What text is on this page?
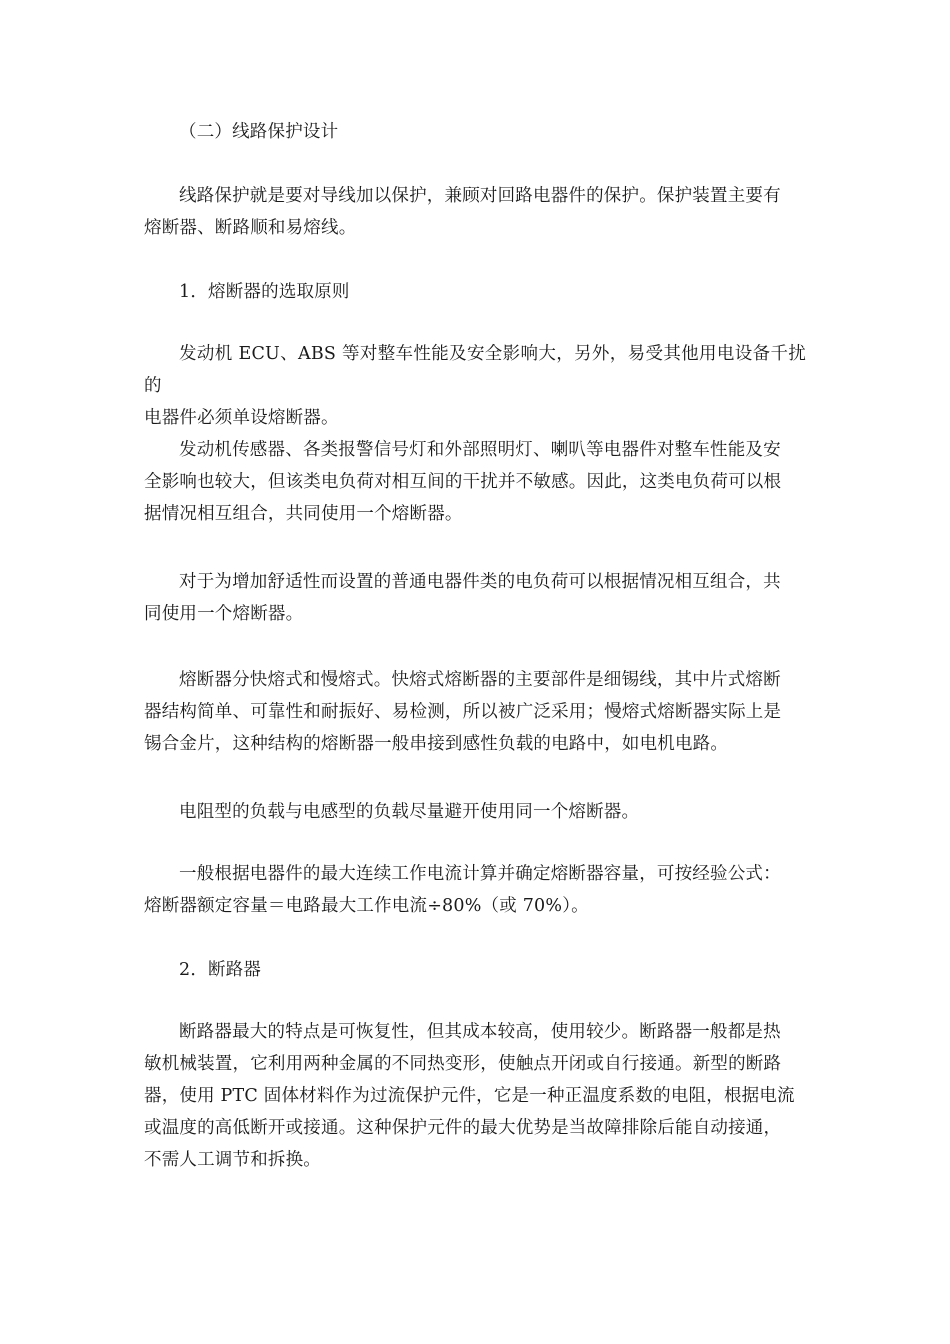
（二）线路保护设计

线路保护就是要对导线加以保护，兼顾对回路电器件的保护。保护装置主要有
熔断器、断路顺和易熔线。

1．熔断器的选取原则

发动机 ECU、ABS 等对整车性能及安全影响大，另外，易受其他用电设备千扰的
电器件必须单设熔断器。

发动机传感器、各类报警信号灯和外部照明灯、喇叭等电器件对整车性能及安
全影响也较大，但该类电负荷对相互间的干扰并不敏感。因此，这类电负荷可以根
据情况相互组合，共同使用一个熔断器。

对于为增加舒适性而设置的普通电器件类的电负荷可以根据情况相互组合，共
同使用一个熔断器。

熔断器分快熔式和慢熔式。快熔式熔断器的主要部件是细锡线，其中片式熔断
器结构简单、可靠性和耐振好、易检测，所以被广泛采用；慢熔式熔断器实际上是
锡合金片，这种结构的熔断器一般串接到感性负载的电路中，如电机电路。

电阻型的负载与电感型的负载尽量避开使用同一个熔断器。

一般根据电器件的最大连续工作电流计算并确定熔断器容量，可按经验公式：
熔断器额定容量＝电路最大工作电流÷80%（或 70%）。

2．断路器

断路器最大的特点是可恢复性，但其成本较高，使用较少。断路器一般都是热
敏机械装置，它利用两种金属的不同热变形，使触点开闭或自行接通。新型的断路
器，使用 PTC 固体材料作为过流保护元件，它是一种正温度系数的电阻，根据电流
或温度的高低断开或接通。这种保护元件的最大优势是当故障排除后能自动接通，
不需人工调节和拆换。
